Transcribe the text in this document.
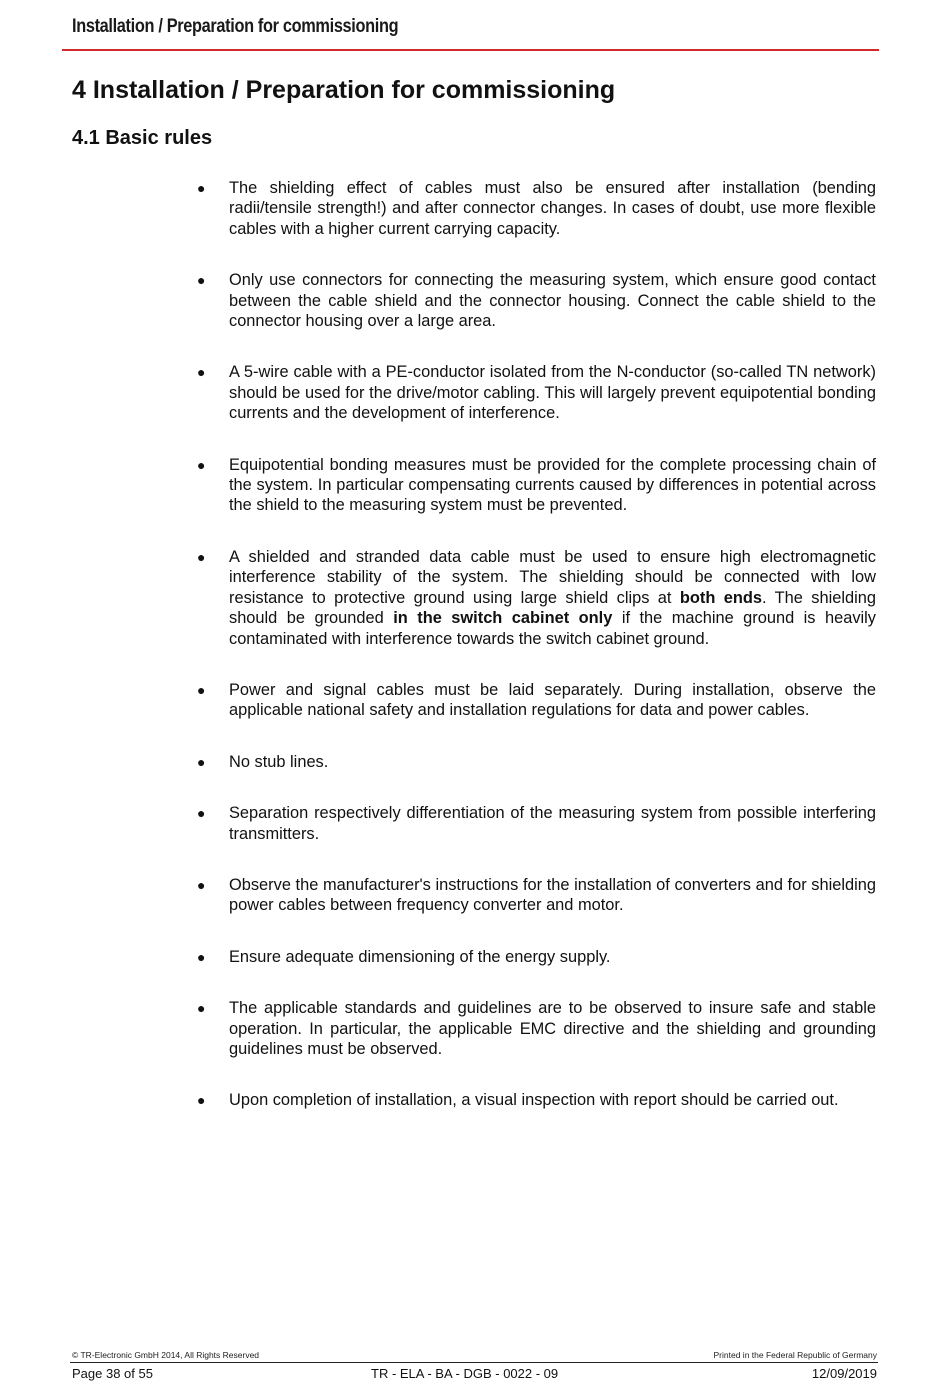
Installation / Preparation for commissioning
4 Installation / Preparation for commissioning
4.1 Basic rules
● The shielding effect of cables must also be ensured after installation (bending radii/tensile strength!) and after connector changes. In cases of doubt, use more flexible cables with a higher current carrying capacity.
● Only use connectors for connecting the measuring system, which ensure good contact between the cable shield and the connector housing. Connect the cable shield to the connector housing over a large area.
● A 5-wire cable with a PE-conductor isolated from the N-conductor (so-called TN network) should be used for the drive/motor cabling. This will largely prevent equipotential bonding currents and the development of interference.
● Equipotential bonding measures must be provided for the complete processing chain of the system. In particular compensating currents caused by differences in potential across the shield to the measuring system must be prevented.
● A shielded and stranded data cable must be used to ensure high electromagnetic interference stability of the system. The shielding should be connected with low resistance to protective ground using large shield clips at both ends. The shielding should be grounded in the switch cabinet only if the machine ground is heavily contaminated with interference towards the switch cabinet ground.
● Power and signal cables must be laid separately. During installation, observe the applicable national safety and installation regulations for data and power cables.
● No stub lines.
● Separation respectively differentiation of the measuring system from possible interfering transmitters.
● Observe the manufacturer's instructions for the installation of converters and for shielding power cables between frequency converter and motor.
● Ensure adequate dimensioning of the energy supply.
● The applicable standards and guidelines are to be observed to insure safe and stable operation. In particular, the applicable EMC directive and the shielding and grounding guidelines must be observed.
● Upon completion of installation, a visual inspection with report should be carried out.
© TR-Electronic GmbH 2014, All Rights Reserved	Printed in the Federal Republic of Germany
Page 38 of 55	TR - ELA - BA - DGB - 0022 - 09	12/09/2019
